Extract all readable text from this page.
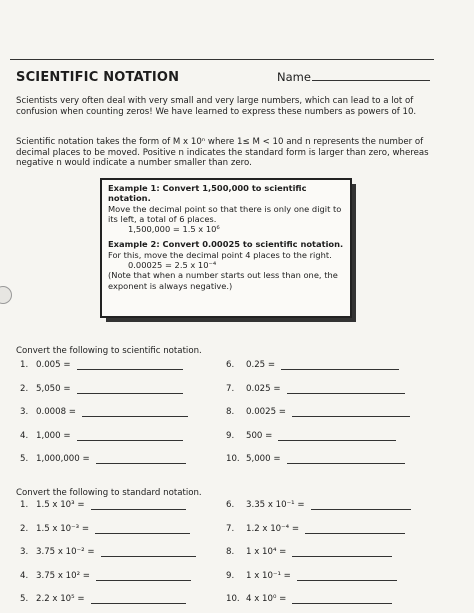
SCIENTIFIC NOTATION	Name
Scientists very often deal with very small and very large numbers, which can lead to a lot of confusion when counting zeros! We have learned to express these numbers as powers of 10.
Scientific notation takes the form of M x 10ⁿ where 1≤ M < 10 and n represents the number of decimal places to be moved. Positive n indicates the standard form is larger than zero, whereas negative n would indicate a number smaller than zero.

Example 1: Convert 1,500,000 to scientific notation.

Move the decimal point so that there is only one digit to its left, a total of 6 places.

1,500,000 = 1.5 x 10⁶

Example 2: Convert 0.00025 to scientific notation.

For this, move the decimal point 4 places to the right.

0.00025 = 2.5 x 10⁻⁴

(Note that when a number starts out less than one, the exponent is always negative.)

Convert the following to scientific notation.
1. 0.005 =
2. 5,050 =
3. 0.0008 =
4. 1,000 =
5. 1,000,000 =
6.	0.25 =
7.	0.025 =
8.	0.0025 =
9.	500 =
10. 5,000 =
Convert the following to standard notation.
1. 1.5 x 10³ =
2. 1.5 x 10⁻³ =
3. 3.75 x 10⁻² =
4. 3.75 x 10² =
5. 2.2 x 10⁵ =
6.	3.35 x 10⁻¹ =
7.	1.2 x 10⁻⁴ =
8.	1 x 10⁴ =
9.	1 x 10⁻¹ =
10. 4 x 10⁰ =
